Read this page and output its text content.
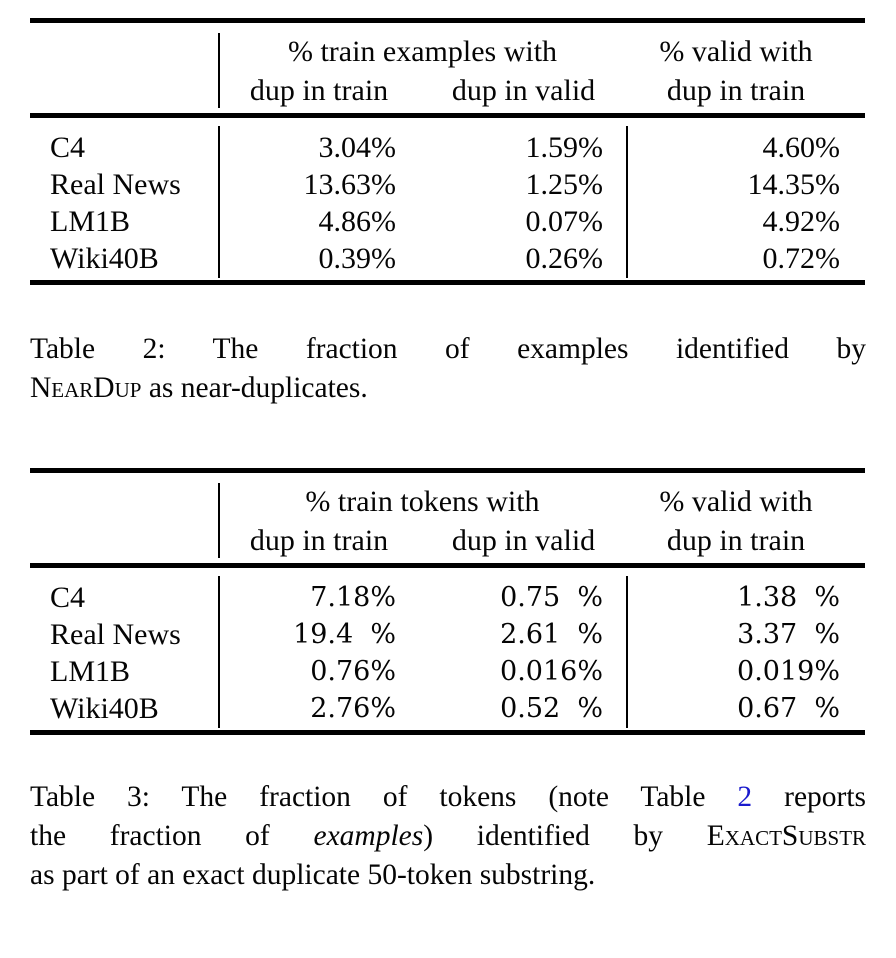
% train examples with	% valid with
dup in train	dup in valid	dup in train
C4	3.04%	1.59%	4.60%
Real News	13.63%	1.25%	14.35%
LM1B	4.86%	0.07%	4.92%
Wiki40B	0.39%	0.26%	0.72%
Table 2: The fraction of examples identified by
NearDup as near-duplicates.
% train tokens with	% valid with
dup in train	dup in valid	dup in train
C4	7.18%	0.75  %	1.38  %
Real News	19.4  %	2.61  %	3.37  %
LM1B	0.76%	0.016%	0.019%
Wiki40B	2.76%	0.52  %	0.67  %
Table 3: The fraction of tokens (note Table 2 reports
the fraction of examples) identified by ExactSubstr
as part of an exact duplicate 50-token substring.
